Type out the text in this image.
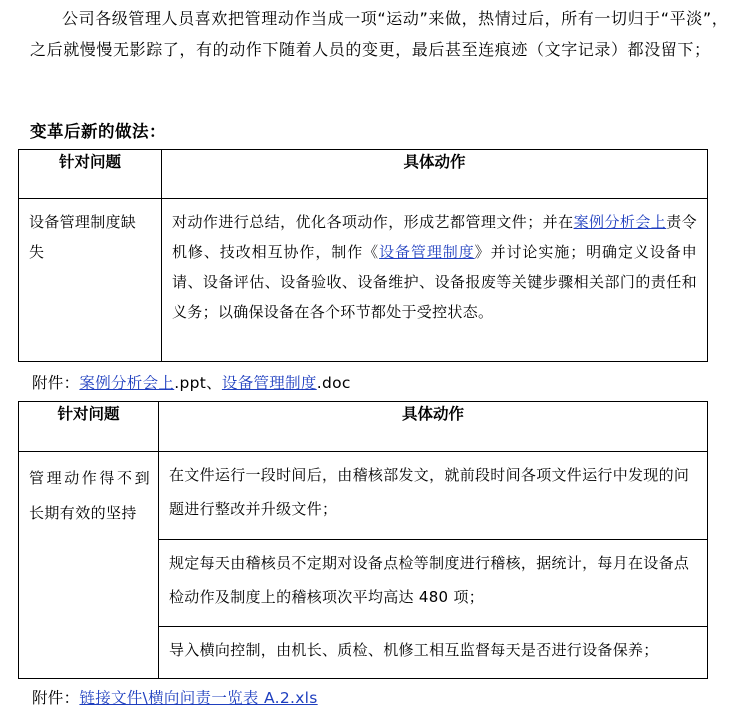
公司各级管理人员喜欢把管理动作当成一项“运动”来做，热情过后，所有一切归于“平淡”，之后就慢慢无影踪了，有的动作下随着人员的变更，最后甚至连痕迹（文字记录）都没留下；
变革后新的做法：
针对问题	具体动作

设备管理制度缺失	对动作进行总结，优化各项动作，形成艺都管理文件；并在案例分析会上责令机修、技改相互协作，制作《设备管理制度》并讨论实施；明确定义设备申请、设备评估、设备验收、设备维护、设备报废等关键步骤相关部门的责任和义务；以确保设备在各个环节都处于受控状态。
附件：案例分析会上.ppt、设备管理制度.doc
针对问题	具体动作

管理动作得不到长期有效的坚持	在文件运行一段时间后，由稽核部发文，就前段时间各项文件运行中发现的问题进行整改并升级文件；

	规定每天由稽核员不定期对设备点检等制度进行稽核，据统计，每月在设备点检动作及制度上的稽核项次平均高达 480 项；

	导入横向控制，由机长、质检、机修工相互监督每天是否进行设备保养；
附件：链接文件\横向问责一览表 A.2.xls
